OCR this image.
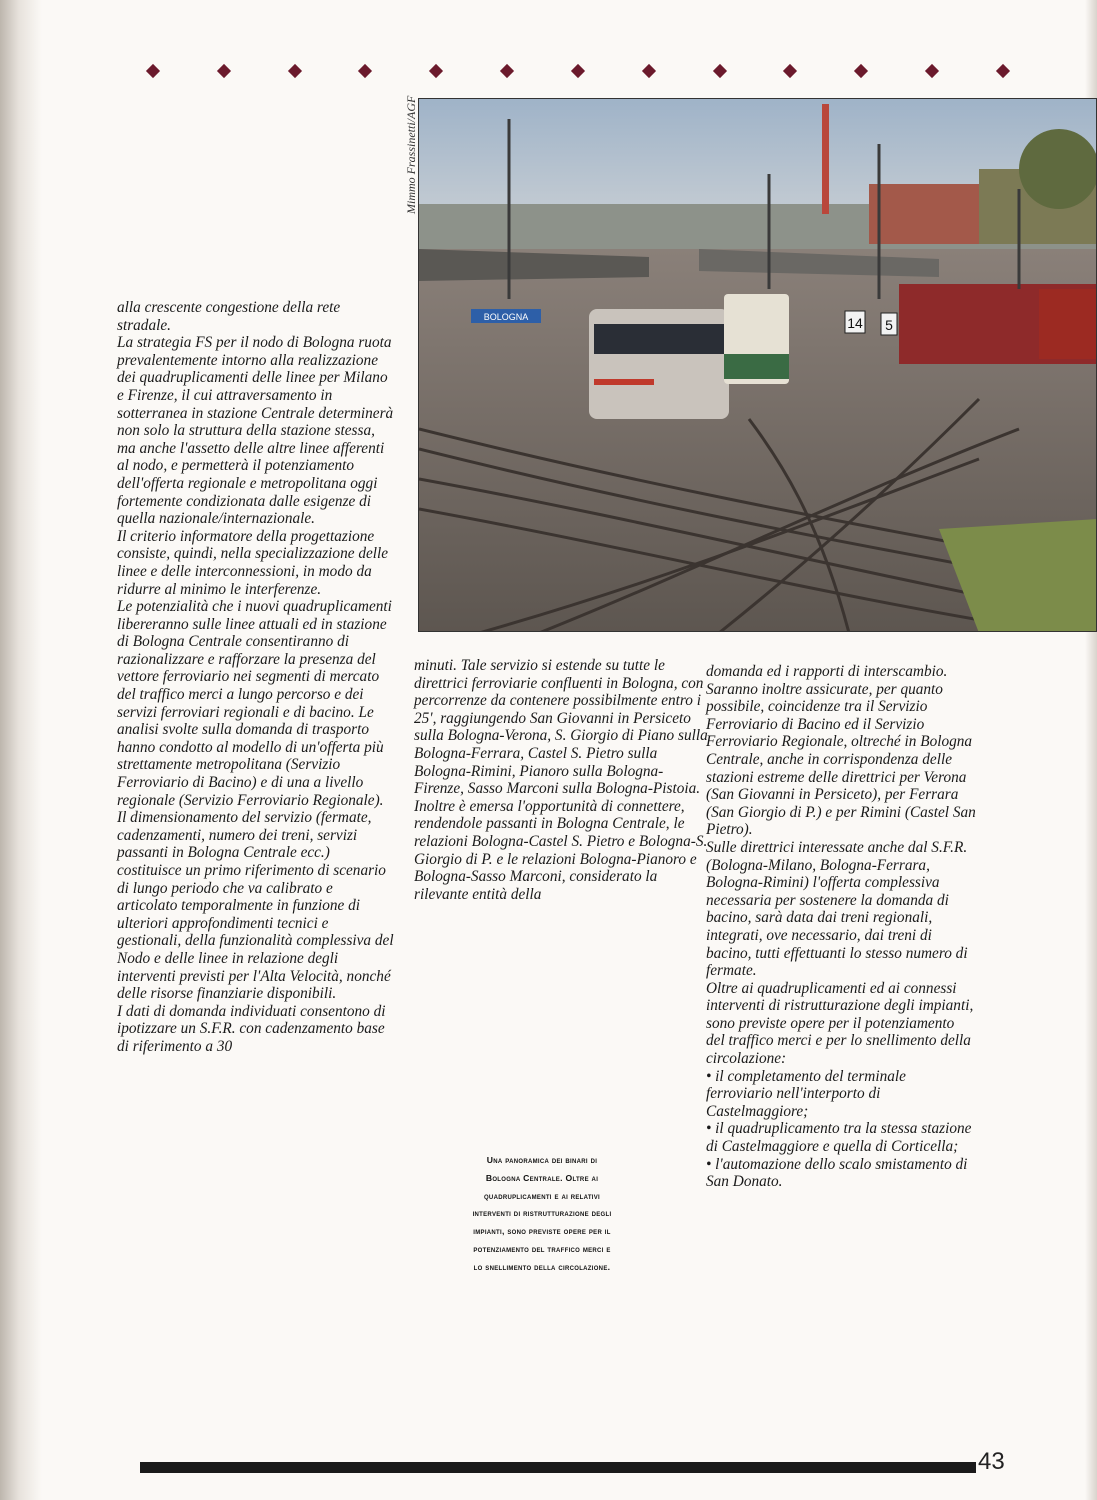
BOLOGNA	14 5
Mimmo Frassinetti/AGF

alla crescente congestione della rete stradale.

La strategia FS per il nodo di Bologna ruota prevalentemente intorno alla realizzazione dei quadruplicamenti delle linee per Milano e Firenze, il cui attraversamento in sotterranea in stazione Centrale determinerà non solo la struttura della stazione stessa, ma anche l'assetto delle altre linee afferenti al nodo, e permetterà il potenziamento dell'offerta regionale e metropolitana oggi fortemente condizionata dalle esigenze di quella nazionale/internazionale.

Il criterio informatore della progettazione consiste, quindi, nella specializzazione delle linee e delle interconnessioni, in modo da ridurre al minimo le interferenze.

Le potenzialità che i nuovi quadruplicamenti libereranno sulle linee attuali ed in stazione di Bologna Centrale consentiranno di razionalizzare e rafforzare la presenza del vettore ferroviario nei segmenti di mercato del traffico merci a lungo percorso e dei servizi ferroviari regionali e di bacino. Le analisi svolte sulla domanda di trasporto hanno condotto al modello di un'offerta più strettamente metropolitana (Servizio Ferroviario di Bacino) e di una a livello regionale (Servizio Ferroviario Regionale).

Il dimensionamento del servizio (fermate, cadenzamenti, numero dei treni, servizi passanti in Bologna Centrale ecc.) costituisce un primo riferimento di scenario di lungo periodo che va calibrato e articolato temporalmente in funzione di ulteriori approfondimenti tecnici e gestionali, della funzionalità complessiva del Nodo e delle linee in relazione degli interventi previsti per l'Alta Velocità, nonché delle risorse finanziarie disponibili.

I dati di domanda individuati consentono di ipotizzare un S.F.R. con cadenzamento base di riferimento a 30

minuti. Tale servizio si estende su tutte le direttrici ferroviarie confluenti in Bologna, con percorrenze da contenere possibilmente entro i 25', raggiungendo San Giovanni in Persiceto sulla Bologna-Verona, S. Giorgio di Piano sulla Bologna-Ferrara, Castel S. Pietro sulla Bologna-Rimini, Pianoro sulla Bologna-Firenze, Sasso Marconi sulla Bologna-Pistoia.

Inoltre è emersa l'opportunità di connettere, rendendole passanti in Bologna Centrale, le relazioni Bologna-Castel S. Pietro e Bologna-S. Giorgio di P. e le relazioni Bologna-Pianoro e Bologna-Sasso Marconi, considerato la rilevante entità della

domanda ed i rapporti di interscambio. Saranno inoltre assicurate, per quanto possibile, coincidenze tra il Servizio Ferroviario di Bacino ed il Servizio Ferroviario Regionale, oltreché in Bologna Centrale, anche in corrispondenza delle stazioni estreme delle direttrici per Verona (San Giovanni in Persiceto), per Ferrara (San Giorgio di P.) e per Rimini (Castel San Pietro).

Sulle direttrici interessate anche dal S.F.R. (Bologna-Milano, Bologna-Ferrara, Bologna-Rimini) l'offerta complessiva necessaria per sostenere la domanda di bacino, sarà data dai treni regionali, integrati, ove necessario, dai treni di bacino, tutti effettuanti lo stesso numero di fermate.

Oltre ai quadruplicamenti ed ai connessi interventi di ristrutturazione degli impianti, sono previste opere per il potenziamento del traffico merci e per lo snellimento della circolazione:

• il completamento del terminale ferroviario nell'interporto di Castelmaggiore;

• il quadruplicamento tra la stessa stazione di Castelmaggiore e quella di Corticella;

• l'automazione dello scalo smistamento di San Donato.

Una panoramica dei binari di Bologna Centrale. Oltre ai quadruplicamenti e ai relativi interventi di ristrutturazione degli impianti, sono previste opere per il potenziamento del traffico merci e lo snellimento della circolazione.
43
